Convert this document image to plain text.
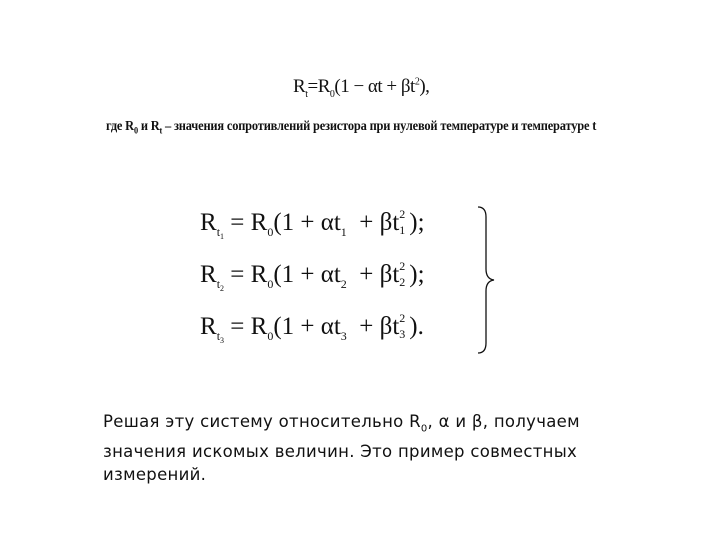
$R_t=R_0(1 - \alpha t + \beta t^2)$,
где $R_0$ и $R_t$ – значения сопротивлений резистора при нулевой температуре и температуре t
$R_{t_1} = R_0(1 + \alpha t_1 + \beta t$ 2
1 );
$R_{t_2} = R_0(1 + \alpha t_2 + \beta t$ 2
2 );
$R_{t_3} = R_0(1 + \alpha t_3 + \beta t$ 2
3 ).
Решая эту систему относительно $R_0$, α и β, получаем значения искомых величин. Это пример совместных измерений.
